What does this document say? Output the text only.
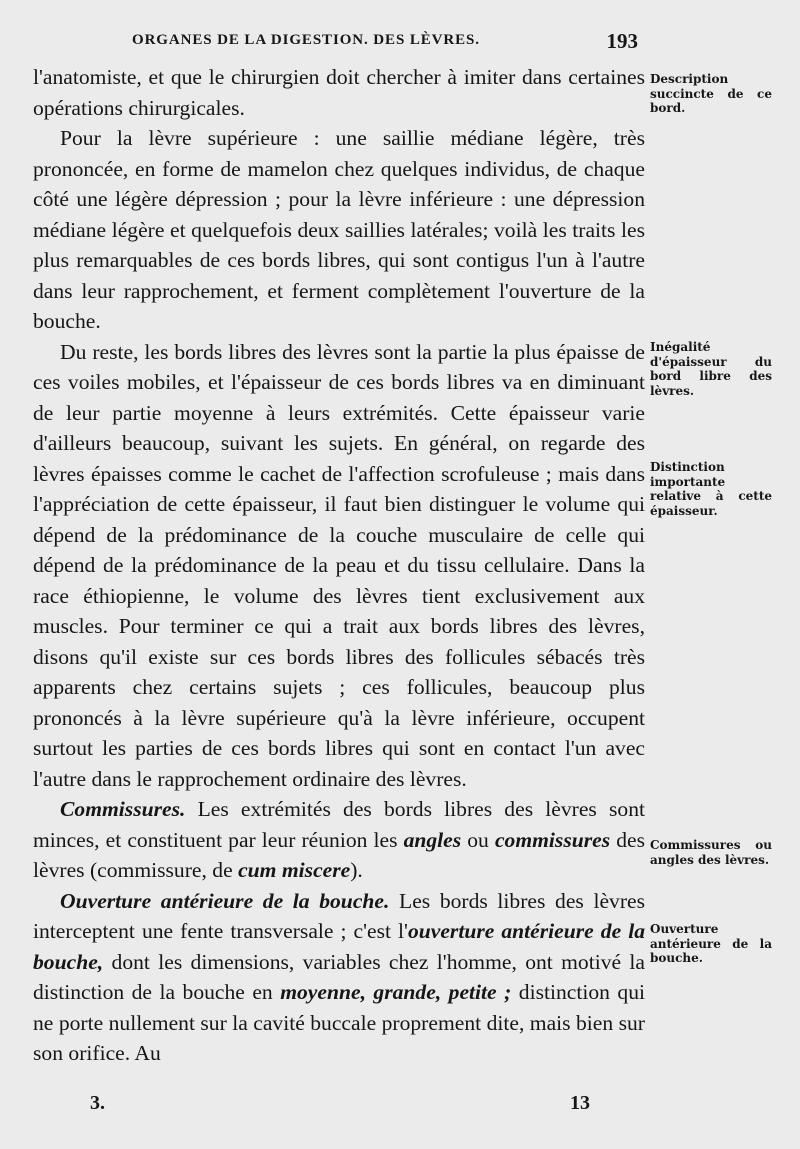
ORGANES DE LA DIGESTION. DES LÈVRES.	193

l'anatomiste, et que le chirurgien doit chercher à imiter dans certaines opérations chirurgicales.

Pour la lèvre supérieure : une saillie médiane légère, très prononcée, en forme de mamelon chez quelques individus, de chaque côté une légère dépression ; pour la lèvre inférieure : une dépression médiane légère et quelquefois deux saillies latérales; voilà les traits les plus remarquables de ces bords libres, qui sont contigus l'un à l'autre dans leur rapprochement, et ferment complètement l'ouverture de la bouche.

Du reste, les bords libres des lèvres sont la partie la plus épaisse de ces voiles mobiles, et l'épaisseur de ces bords libres va en diminuant de leur partie moyenne à leurs extrémités. Cette épaisseur varie d'ailleurs beaucoup, suivant les sujets. En général, on regarde des lèvres épaisses comme le cachet de l'affection scrofuleuse ; mais dans l'appréciation de cette épaisseur, il faut bien distinguer le volume qui dépend de la prédominance de la couche musculaire de celle qui dépend de la prédominance de la peau et du tissu cellulaire. Dans la race éthiopienne, le volume des lèvres tient exclusivement aux muscles. Pour terminer ce qui a trait aux bords libres des lèvres, disons qu'il existe sur ces bords libres des follicules sébacés très apparents chez certains sujets ; ces follicules, beaucoup plus prononcés à la lèvre supérieure qu'à la lèvre inférieure, occupent surtout les parties de ces bords libres qui sont en contact l'un avec l'autre dans le rapprochement ordinaire des lèvres.

Commissures. Les extrémités des bords libres des lèvres sont minces, et constituent par leur réunion les angles ou commissures des lèvres (commissure, de cum miscere).

Ouverture antérieure de la bouche. Les bords libres des lèvres interceptent une fente transversale ; c'est l'ouverture antérieure de la bouche, dont les dimensions, variables chez l'homme, ont motivé la distinction de la bouche en moyenne, grande, petite ; distinction qui ne porte nullement sur la cavité buccale proprement dite, mais bien sur son orifice. Au

Description succincte de ce bord.
Inégalité d'épaisseur du bord libre des lèvres.
Distinction importante relative à cette épaisseur.
Commissures ou angles des lèvres.
Ouverture antérieure de la bouche.
3.	13
